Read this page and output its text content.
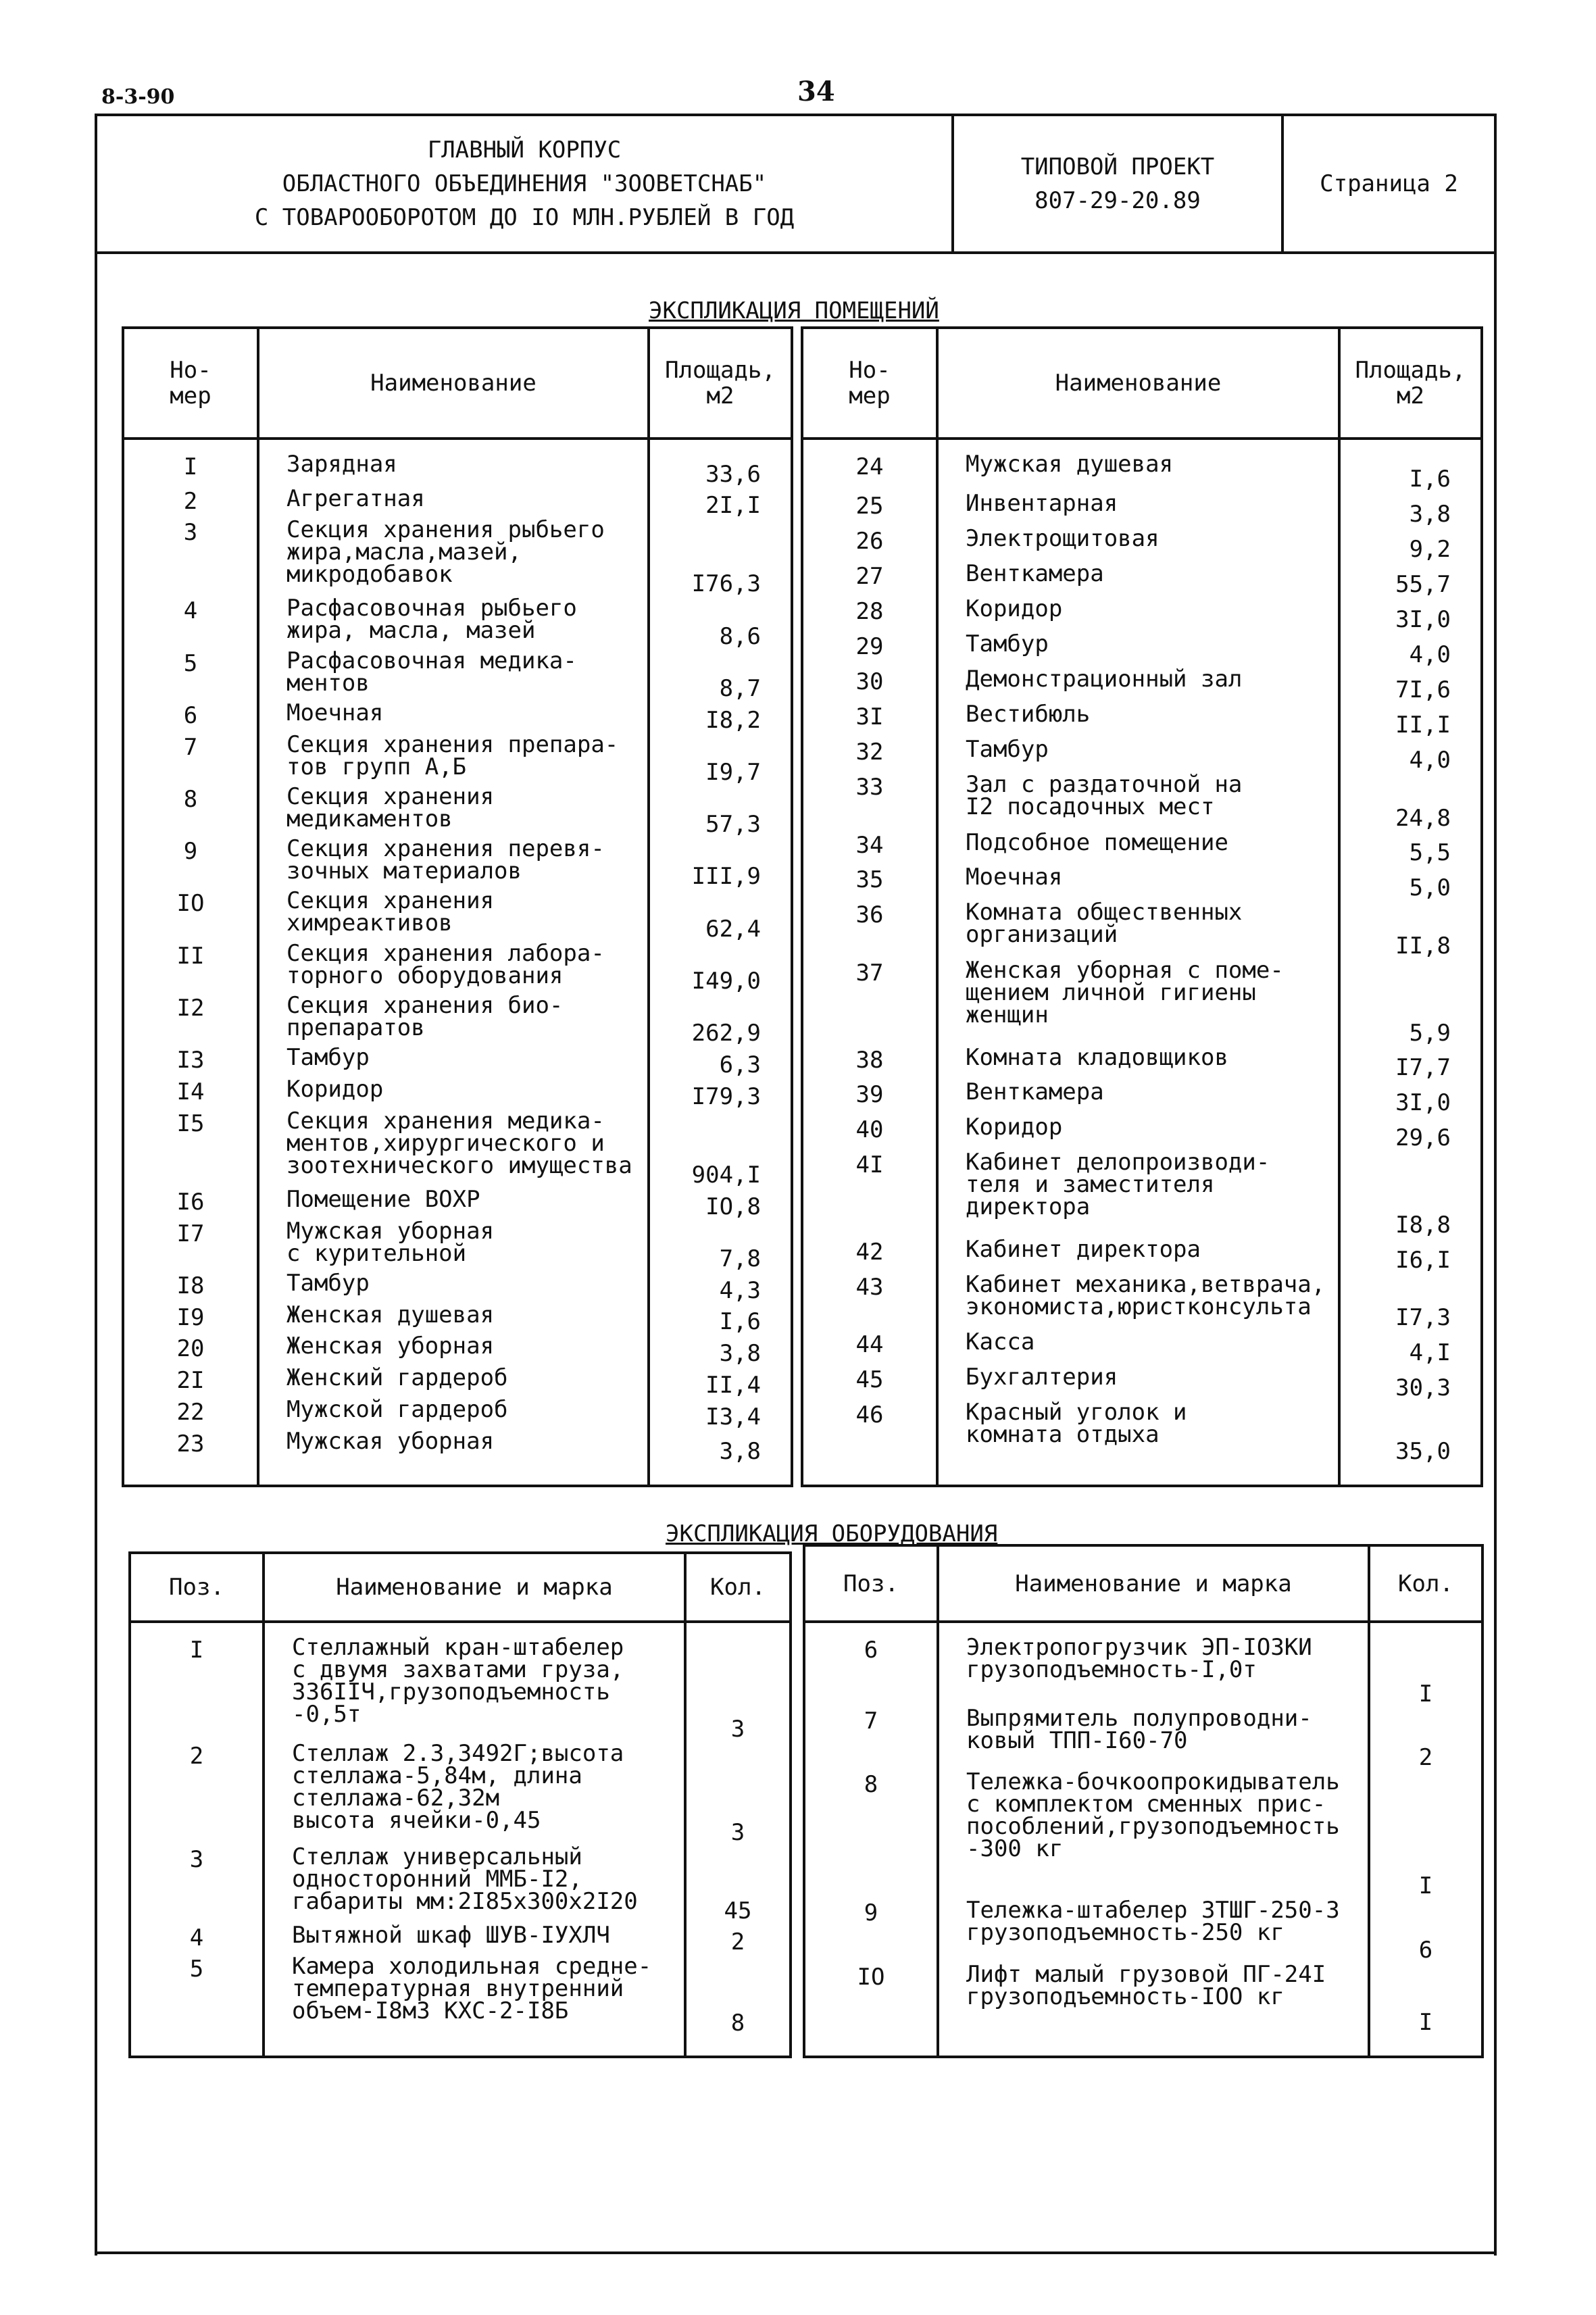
8-3-90	34
ГЛАВНЫЙ КОРПУС
ОБЛАСТНОГО ОБЪЕДИНЕНИЯ "ЗООВЕТСНАБ"
С ТОВАРООБОРОТОМ ДО IO МЛН.РУБЛЕЙ В ГОД
ТИПОВОЙ ПРОЕКТ
807-29-20.89
Страница 2
ЭКСПЛИКАЦИЯ ПОМЕЩЕНИЙ
Но-
мер	Наименование	Площадь,
м2

I	Зарядная	33,6
2	Агрегатная	2I,I
3	Секция хранения рыбьего
жира,масла,мазей,
микродобавок	I76,3
4	Расфасовочная рыбьего
жира, масла, мазей	8,6
5	Расфасовочная медика-
ментов	8,7
6	Моечная	I8,2
7	Секция хранения препара-
тов групп А,Б	I9,7
8	Секция хранения
медикаментов	57,3
9	Секция хранения перевя-
зочных материалов	III,9
IO	Секция хранения
химреактивов	62,4
II	Секция хранения лабора-
торного оборудования	I49,0
I2	Секция хранения био-
препаратов	262,9
I3	Тамбур	6,3
I4	Коридор	I79,3
I5	Секция хранения медика-
ментов,хирургического и
зоотехнического имущества	904,I
I6	Помещение ВОХР	IO,8
I7	Мужская уборная
с курительной	7,8
I8	Тамбур	4,3
I9	Женская душевая	I,6
20	Женская уборная	3,8
2I	Женский гардероб	II,4
22	Мужской гардероб	I3,4
23	Мужская уборная	3,8

Но-
мер	Наименование	Площадь,
м2

24	Мужская душевая	I,6
25	Инвентарная	3,8
26	Электрощитовая	9,2
27	Венткамера	55,7
28	Коридор	3I,0
29	Тамбур	4,0
30	Демонстрационный зал	7I,6
3I	Вестибюль	II,I
32	Тамбур	4,0
33	Зал с раздаточной на
I2 посадочных мест	24,8
34	Подсобное помещение	5,5
35	Моечная	5,0
36	Комната общественных
организаций	II,8
37	Женская уборная с поме-
щением личной гигиены
женщин	5,9
38	Комната кладовщиков	I7,7
39	Венткамера	3I,0
40	Коридор	29,6
4I	Кабинет делопроизводи-
теля и заместителя
директора	I8,8
42	Кабинет директора	I6,I
43	Кабинет механика,ветврача,
экономиста,юристконсульта	I7,3
44	Касса	4,I
45	Бухгалтерия	30,3
46	Красный уголок и
комната отдыха	35,0

ЭКСПЛИКАЦИЯ ОБОРУДОВАНИЯ
Поз.	Наименование и марка	Кол.
I	Стеллажный кран-штабелер
с двумя захватами груза,
336IIЧ,грузоподъемность
-0,5т	3
2	Стеллаж 2.3,3492Г;высота
стеллажа-5,84м, длина
стеллажа-62,32м
высота ячейки-0,45	3
3	Стеллаж универсальный
односторонний ММБ-I2,
габариты мм:2I85х300х2I20	45
4	Вытяжной шкаф ШУВ-IУХЛЧ	2
5	Камера холодильная средне-
температурная внутренний
объем-I8м3 КХС-2-I8Б	8

Поз.	Наименование и марка	Кол.
6	Электропогрузчик ЭП-IO3КИ
грузоподъемность-I,0т	I
7	Выпрямитель полупроводни-
ковый ТПП-I60-70	2
8	Тележка-бочкоопрокидыватель
с комплектом сменных прис-
пособлений,грузоподъемность
-300 кг	I
9	Тележка-штабелер ЗТШГ-250-3
грузоподъемность-250 кг	6
IO	Лифт малый грузовой ПГ-24I
грузоподъемность-IOO кг	I
